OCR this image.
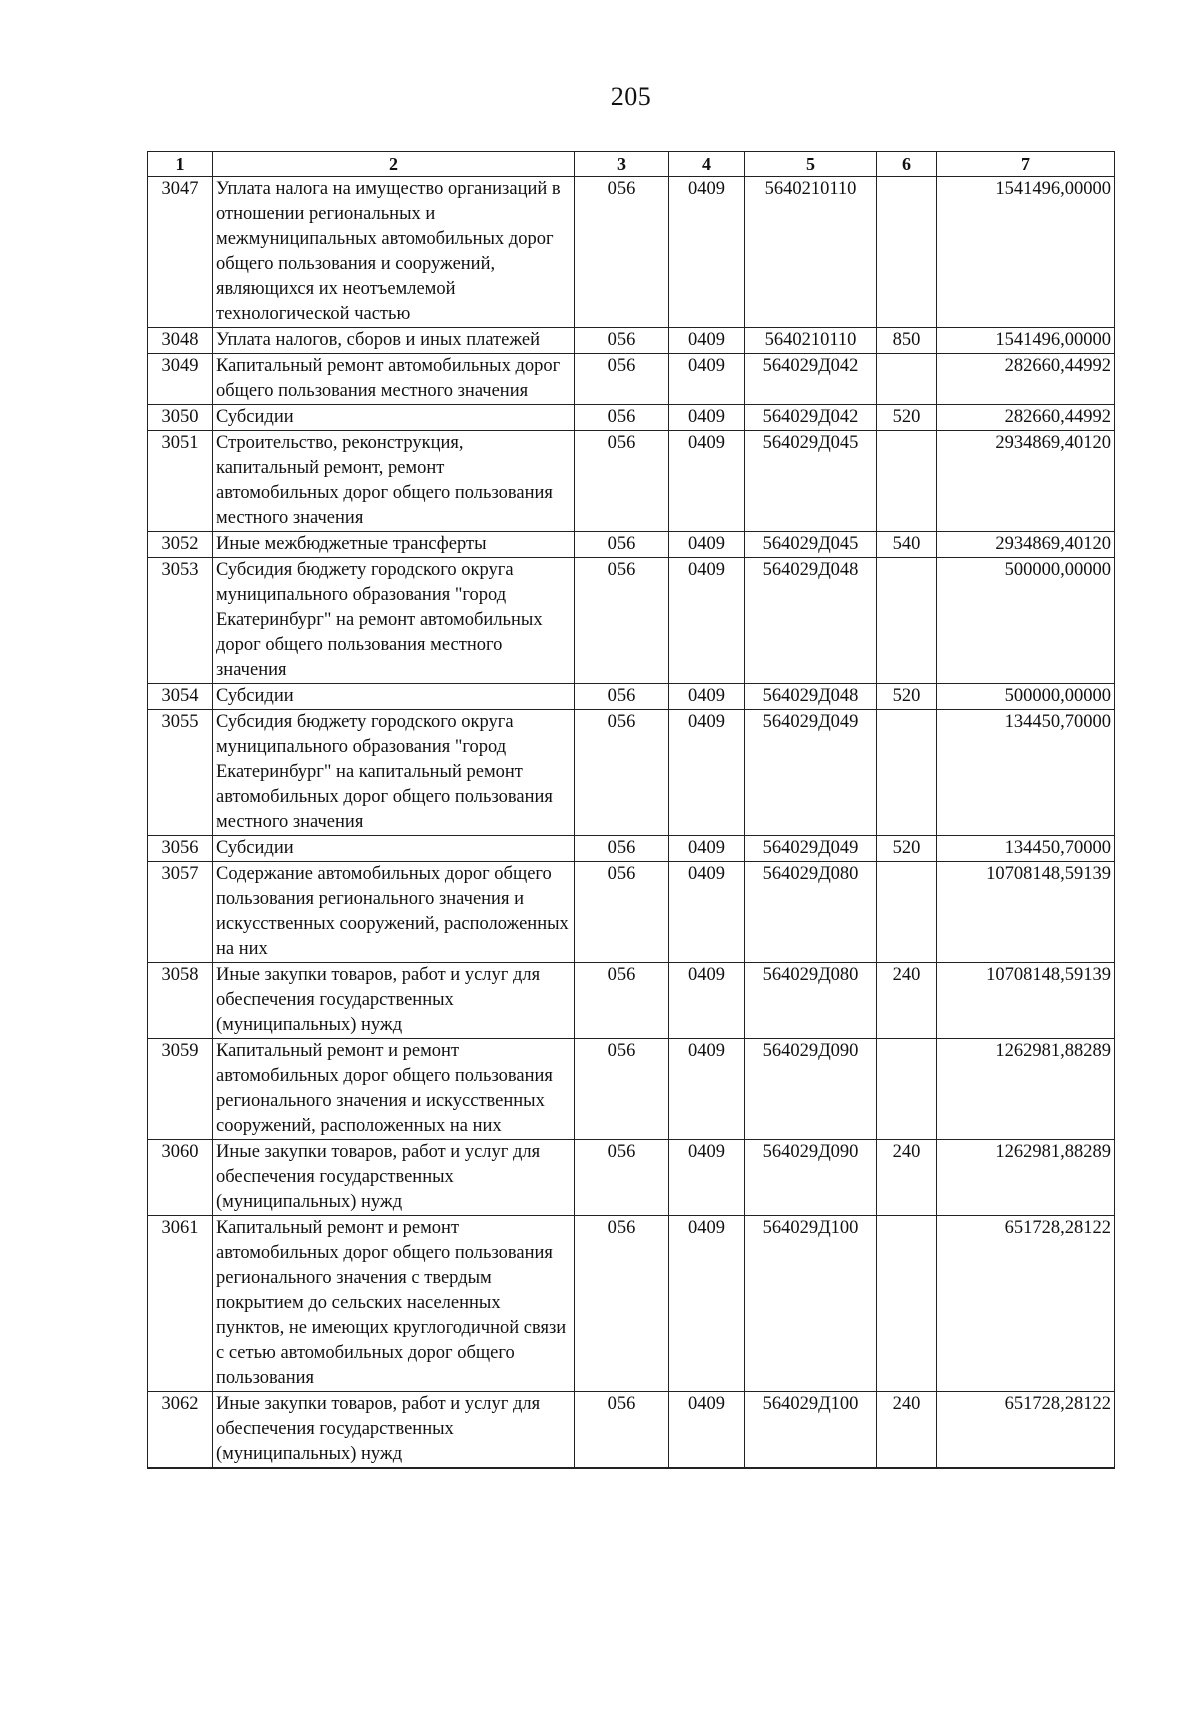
205
1	2	3	4	5	6	7
3047	Уплата налога на имущество организаций в отношении региональных и межмуниципальных автомобильных дорог общего пользования и сооружений, являющихся их неотъемлемой технологической частью	056	0409	5640210110		1541496,00000
3048	Уплата налогов, сборов и иных платежей	056	0409	5640210110	850	1541496,00000
3049	Капитальный ремонт автомобильных дорог общего пользования местного значения	056	0409	564029Д042		282660,44992
3050	Субсидии	056	0409	564029Д042	520	282660,44992
3051	Строительство, реконструкция, капитальный ремонт, ремонт автомобильных дорог общего пользования местного значения	056	0409	564029Д045		2934869,40120
3052	Иные межбюджетные трансферты	056	0409	564029Д045	540	2934869,40120
3053	Субсидия бюджету городского округа муниципального образования "город Екатеринбург" на ремонт автомобильных дорог общего пользования местного значения	056	0409	564029Д048		500000,00000
3054	Субсидии	056	0409	564029Д048	520	500000,00000
3055	Субсидия бюджету городского округа муниципального образования "город Екатеринбург" на капитальный ремонт автомобильных дорог общего пользования местного значения	056	0409	564029Д049		134450,70000
3056	Субсидии	056	0409	564029Д049	520	134450,70000
3057	Содержание автомобильных дорог общего пользования регионального значения и искусственных сооружений, расположенных на них	056	0409	564029Д080		10708148,59139
3058	Иные закупки товаров, работ и услуг для обеспечения государственных (муниципальных) нужд	056	0409	564029Д080	240	10708148,59139
3059	Капитальный ремонт и ремонт автомобильных дорог общего пользования регионального значения и искусственных сооружений, расположенных на них	056	0409	564029Д090		1262981,88289
3060	Иные закупки товаров, работ и услуг для обеспечения государственных (муниципальных) нужд	056	0409	564029Д090	240	1262981,88289
3061	Капитальный ремонт и ремонт автомобильных дорог общего пользования регионального значения с твердым покрытием до сельских населенных пунктов, не имеющих круглогодичной связи с сетью автомобильных дорог общего пользования	056	0409	564029Д100		651728,28122
3062	Иные закупки товаров, работ и услуг для обеспечения государственных (муниципальных) нужд	056	0409	564029Д100	240	651728,28122
